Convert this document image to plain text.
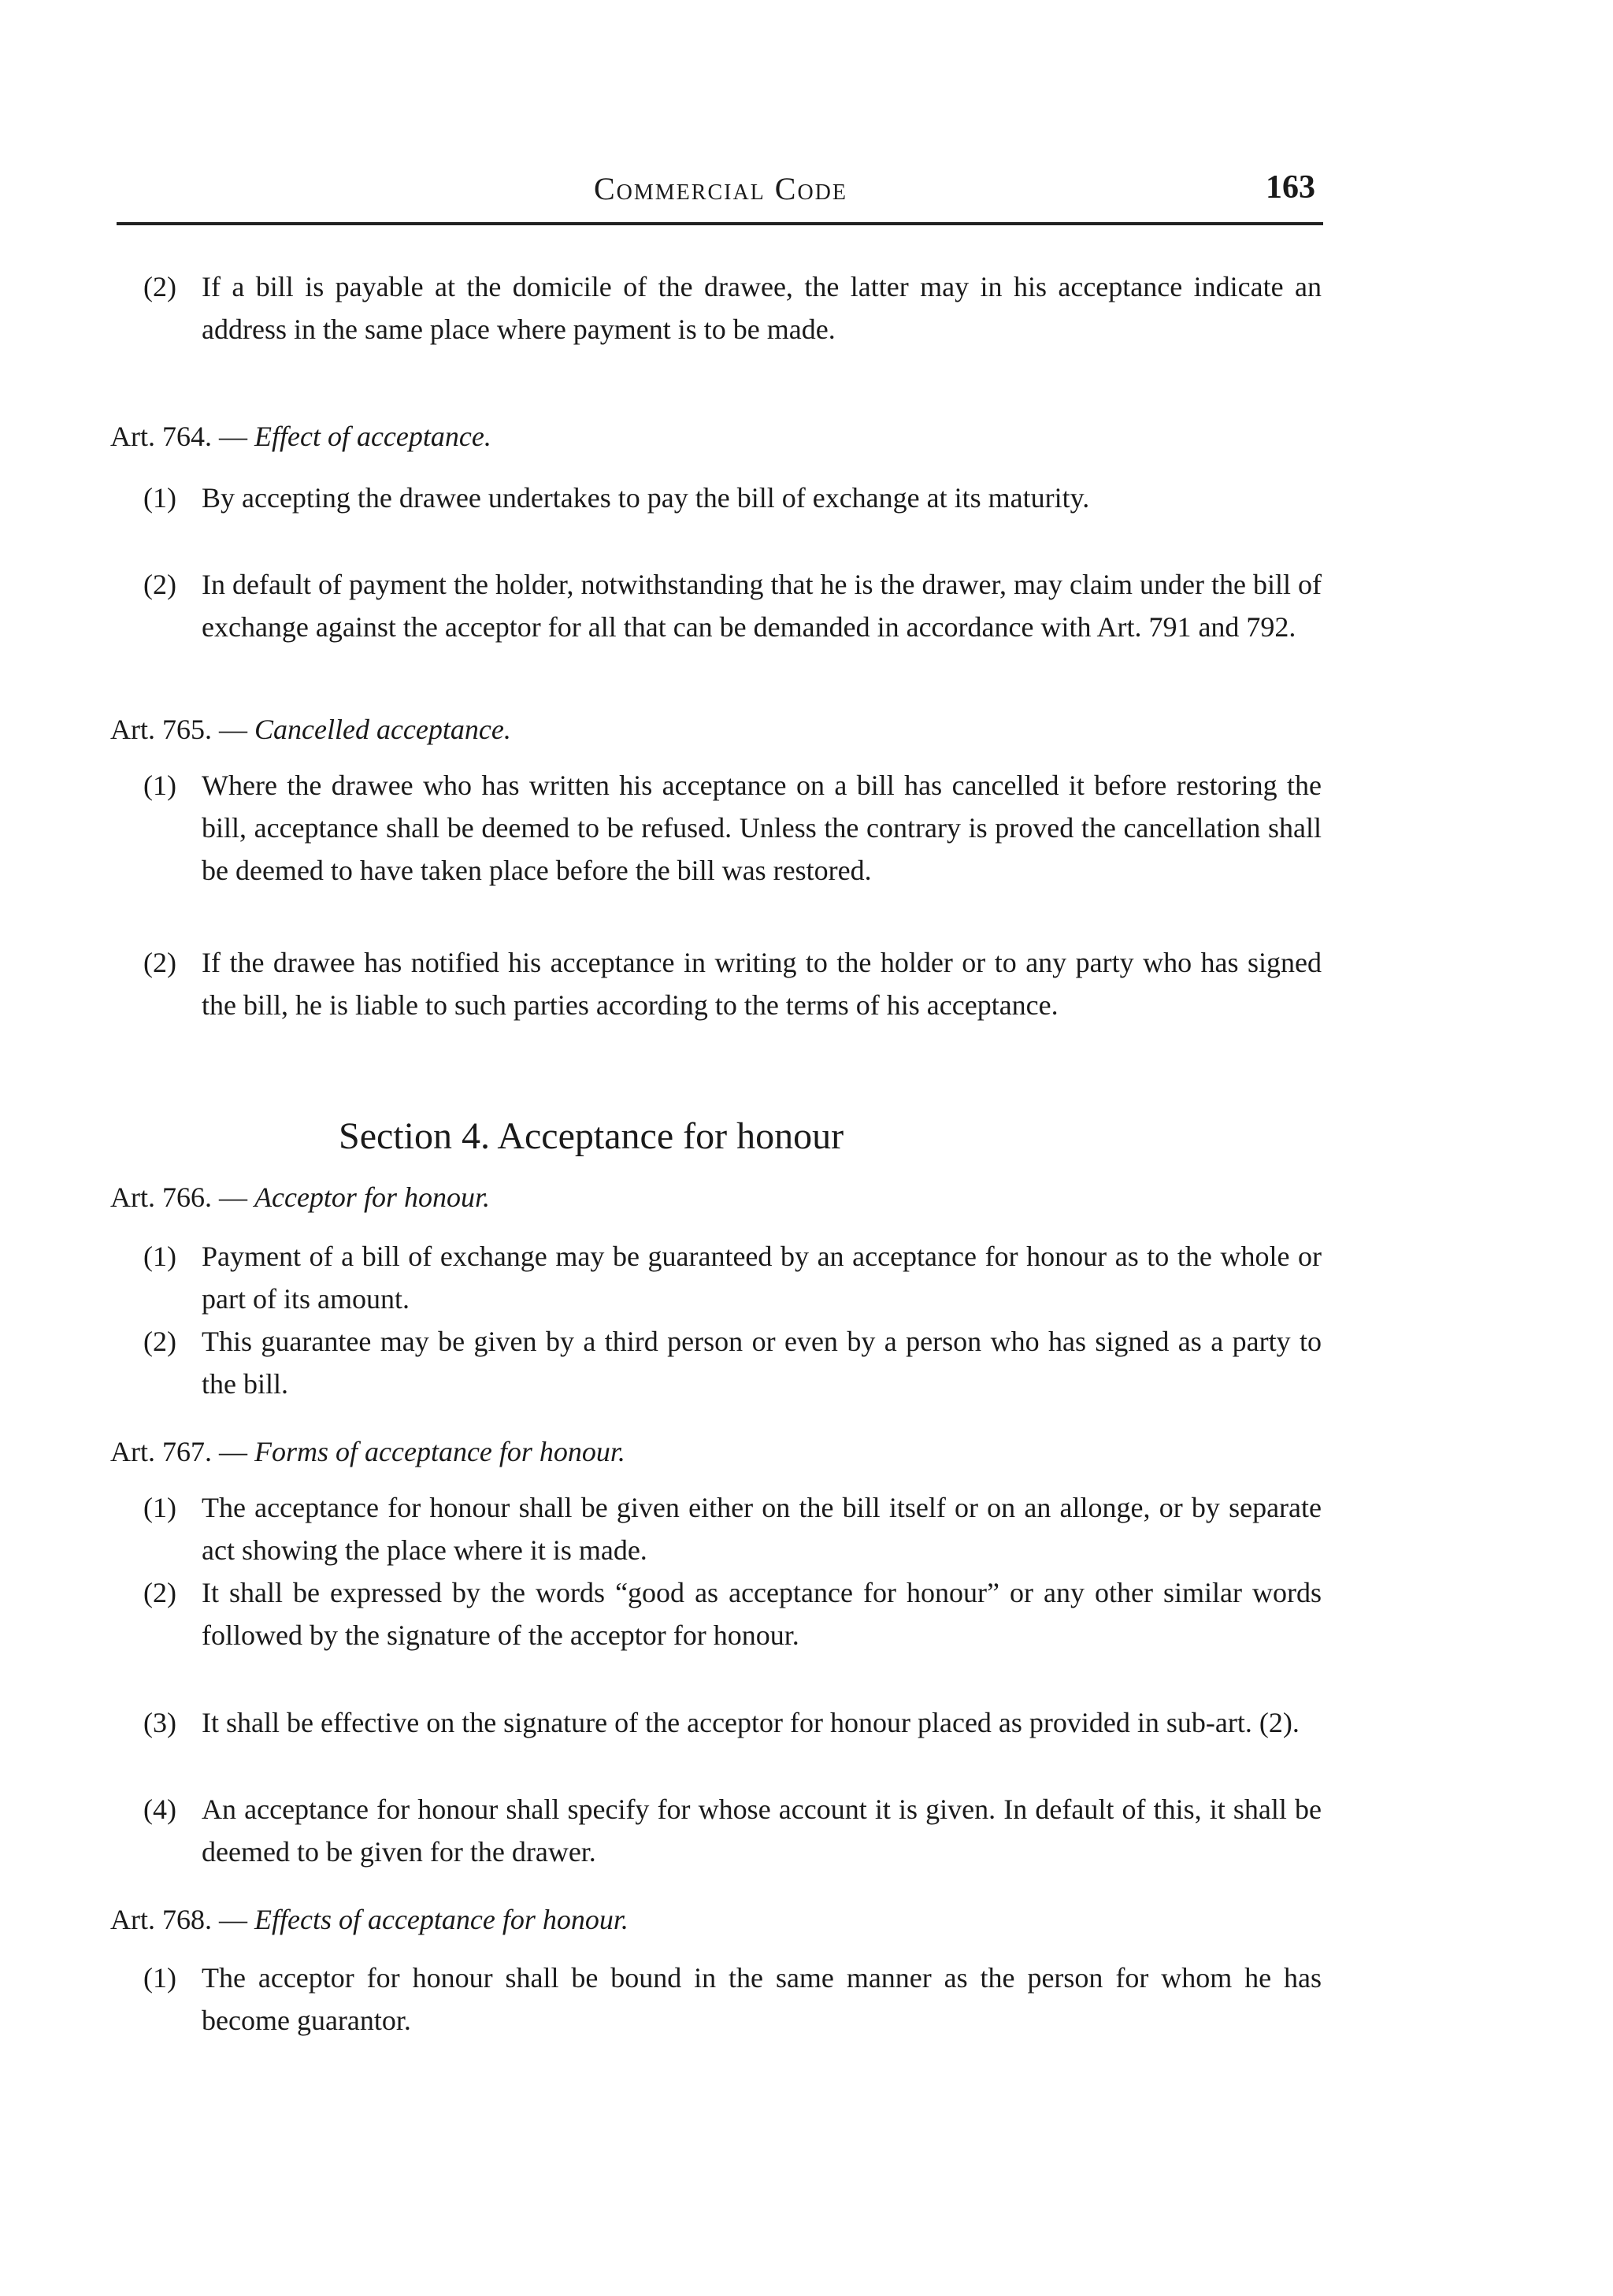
Commercial Code	163
(2) If a bill is payable at the domicile of the drawee, the latter may in his acceptance indicate an address in the same place where payment is to be made.
Art. 764. — Effect of acceptance.
(1) By accepting the drawee undertakes to pay the bill of exchange at its maturity.
(2) In default of payment the holder, notwithstanding that he is the drawer, may claim under the bill of exchange against the acceptor for all that can be demanded in accordance with Art. 791 and 792.
Art. 765. — Cancelled acceptance.
(1) Where the drawee who has written his acceptance on a bill has cancelled it before restoring the bill, acceptance shall be deemed to be refused. Unless the contrary is proved the cancellation shall be deemed to have taken place before the bill was restored.
(2) If the drawee has notified his acceptance in writing to the holder or to any party who has signed the bill, he is liable to such parties according to the terms of his acceptance.
Section 4. Acceptance for honour
Art. 766. — Acceptor for honour.
(1) Payment of a bill of exchange may be guaranteed by an acceptance for honour as to the whole or part of its amount.
(2) This guarantee may be given by a third person or even by a person who has signed as a party to the bill.
Art. 767. — Forms of acceptance for honour.
(1) The acceptance for honour shall be given either on the bill itself or on an allonge, or by separate act showing the place where it is made.
(2) It shall be expressed by the words “good as acceptance for honour” or any other similar words followed by the signature of the acceptor for honour.
(3) It shall be effective on the signature of the acceptor for honour placed as provided in sub-art. (2).
(4) An acceptance for honour shall specify for whose account it is given. In default of this, it shall be deemed to be given for the drawer.
Art. 768. — Effects of acceptance for honour.
(1) The acceptor for honour shall be bound in the same manner as the person for whom he has become guarantor.
